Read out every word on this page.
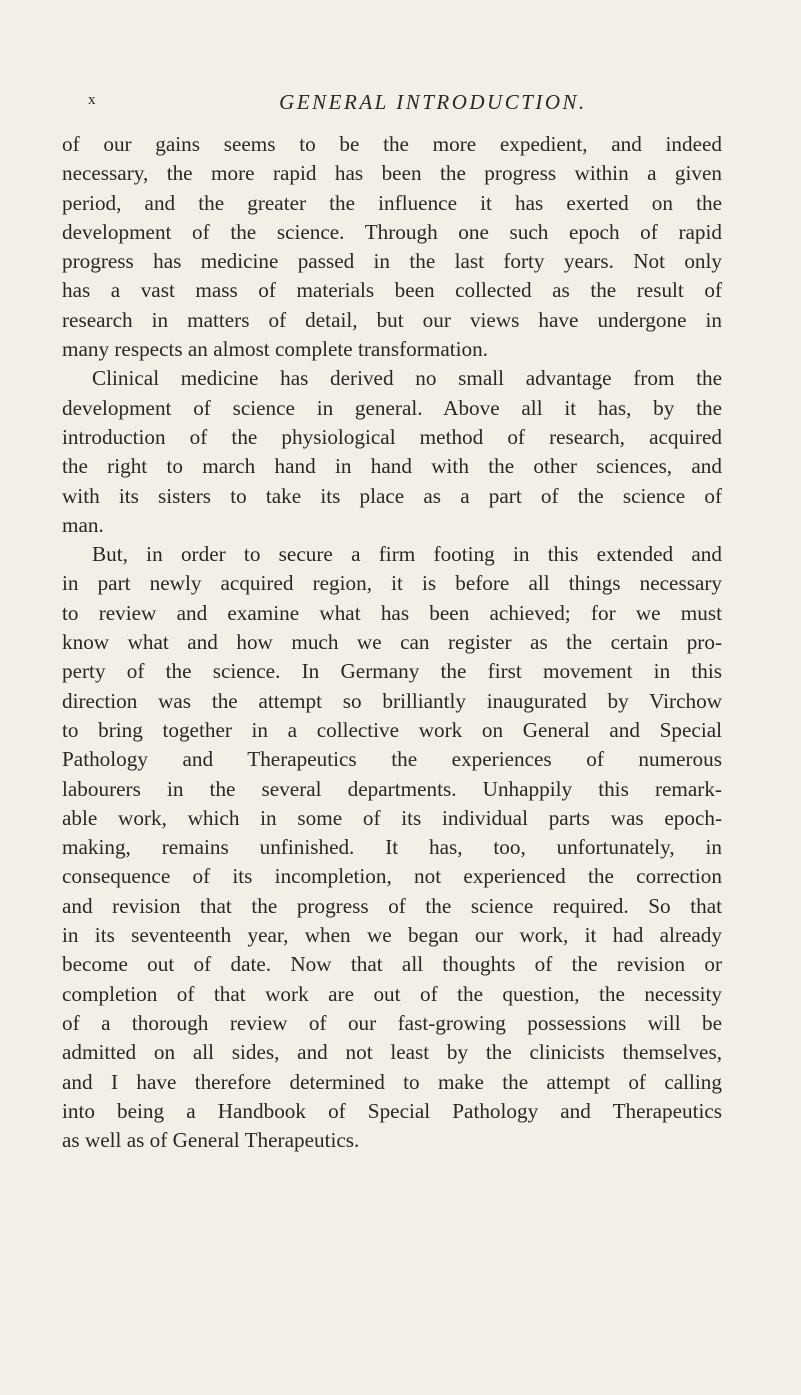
x	GENERAL INTRODUCTION.
of our gains seems to be the more expedient, and indeed
necessary, the more rapid has been the progress within a given
period, and the greater the influence it has exerted on the
development of the science. Through one such epoch of rapid
progress has medicine passed in the last forty years. Not only
has a vast mass of materials been collected as the result of
research in matters of detail, but our views have undergone in
many respects an almost complete transformation.
Clinical medicine has derived no small advantage from the
development of science in general. Above all it has, by the
introduction of the physiological method of research, acquired
the right to march hand in hand with the other sciences, and
with its sisters to take its place as a part of the science of
man.
But, in order to secure a firm footing in this extended and
in part newly acquired region, it is before all things necessary
to review and examine what has been achieved; for we must
know what and how much we can register as the certain pro-
perty of the science. In Germany the first movement in this
direction was the attempt so brilliantly inaugurated by Virchow
to bring together in a collective work on General and Special
Pathology and Therapeutics the experiences of numerous
labourers in the several departments. Unhappily this remark-
able work, which in some of its individual parts was epoch-
making, remains unfinished. It has, too, unfortunately, in
consequence of its incompletion, not experienced the correction
and revision that the progress of the science required. So that
in its seventeenth year, when we began our work, it had already
become out of date. Now that all thoughts of the revision or
completion of that work are out of the question, the necessity
of a thorough review of our fast-growing possessions will be
admitted on all sides, and not least by the clinicists themselves,
and I have therefore determined to make the attempt of calling
into being a Handbook of Special Pathology and Therapeutics
as well as of General Therapeutics.
